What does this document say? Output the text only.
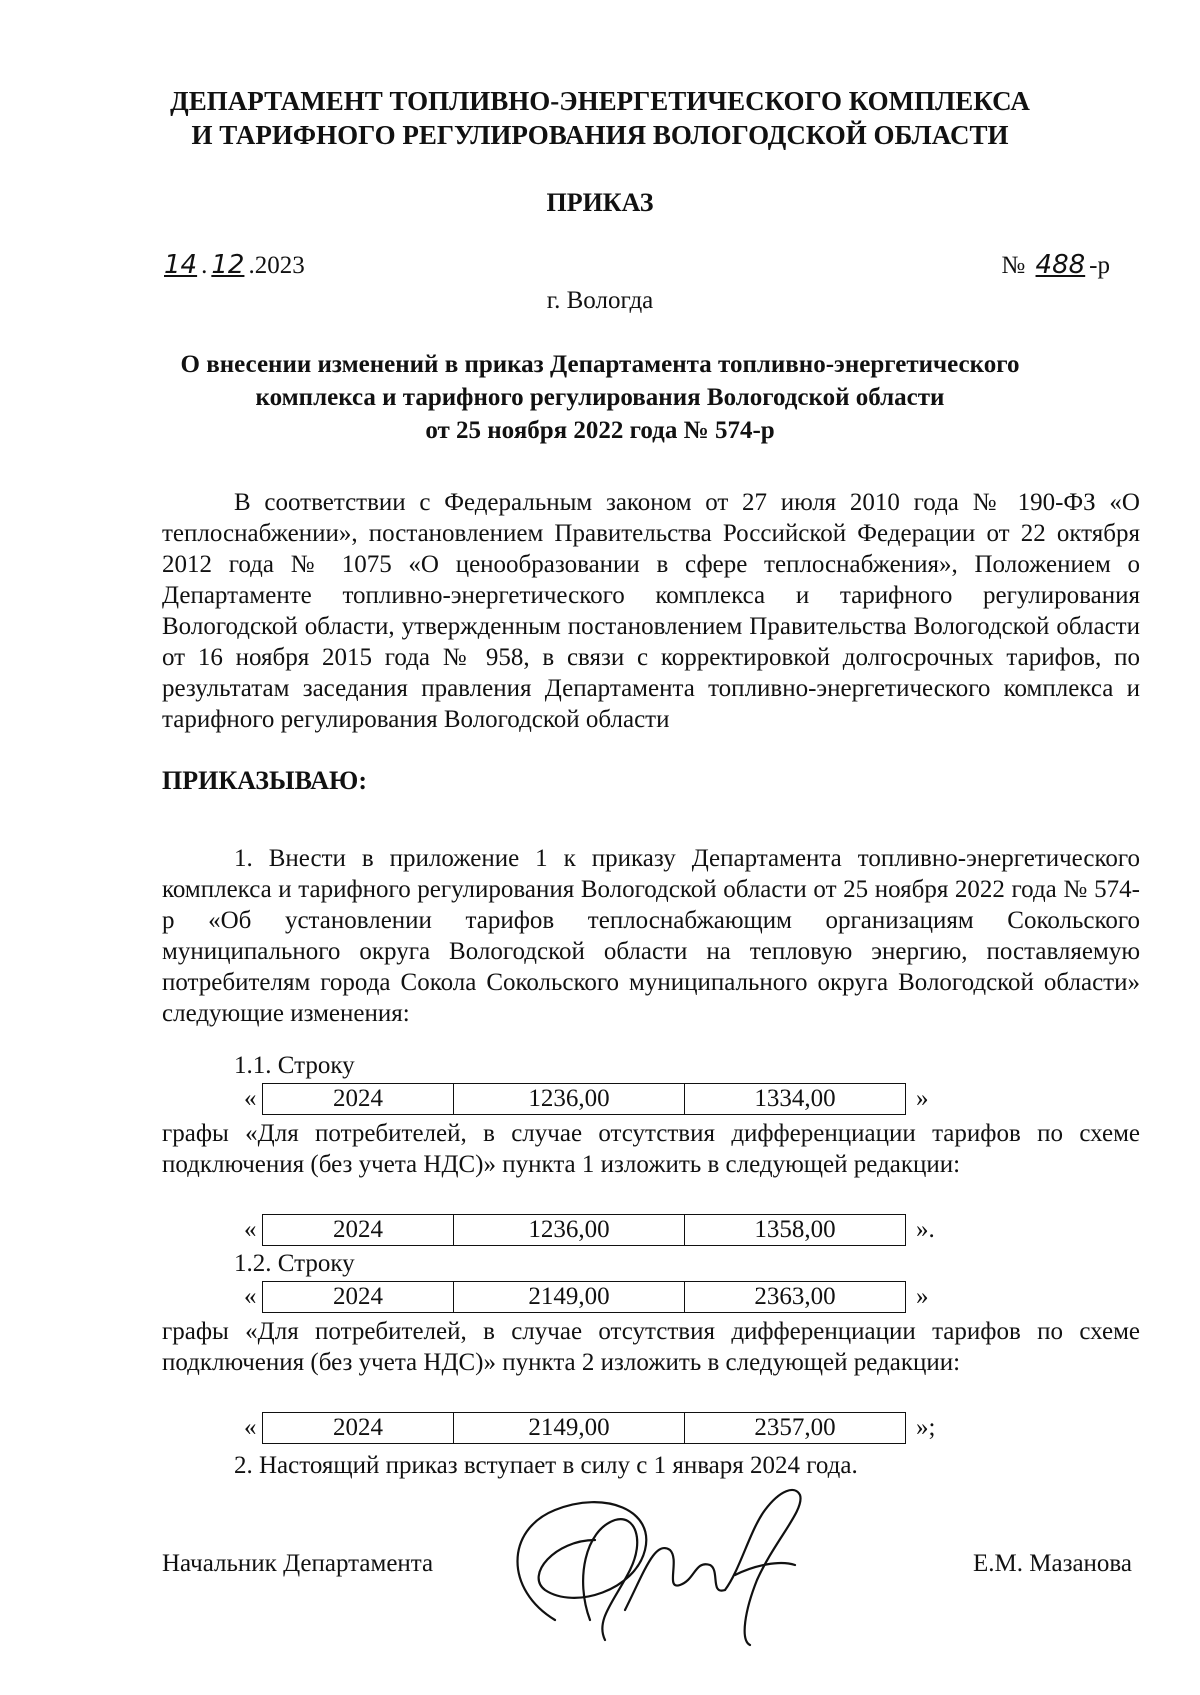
ДЕПАРТАМЕНТ ТОПЛИВНО-ЭНЕРГЕТИЧЕСКОГО КОМПЛЕКСА
И ТАРИФНОГО РЕГУЛИРОВАНИЯ ВОЛОГОДСКОЙ ОБЛАСТИ
ПРИКАЗ
14 . 12 .2023	№ 488 -р
г. Вологда
О внесении изменений в приказ Департамента топливно-энергетического
комплекса и тарифного регулирования Вологодской области
от 25 ноября 2022 года № 574-р
В соответствии с Федеральным законом от 27 июля 2010 года № 190-ФЗ «О теплоснабжении», постановлением Правительства Российской Федерации от 22 октября 2012 года № 1075 «О ценообразовании в сфере теплоснабжения», Положением о Департаменте топливно-энергетического комплекса и тарифного регулирования Вологодской области, утвержденным постановлением Правительства Вологодской области от 16 ноября 2015 года № 958, в связи с корректировкой долгосрочных тарифов, по результатам заседания правления Департамента топливно-энергетического комплекса и тарифного регулирования Вологодской области
ПРИКАЗЫВАЮ:
1. Внести в приложение 1 к приказу Департамента топливно-энергетического комплекса и тарифного регулирования Вологодской области от 25 ноября 2022 года № 574-р «Об установлении тарифов теплоснабжающим организациям Сокольского муниципального округа Вологодской области на тепловую энергию, поставляемую потребителям города Сокола Сокольского муниципального округа Вологодской области» следующие изменения:
1.1. Строку
«	2024	1236,00	1334,00	»
графы «Для потребителей, в случае отсутствия дифференциации тарифов по схеме подключения (без учета НДС)» пункта 1 изложить в следующей редакции:
«	2024	1236,00	1358,00	».
1.2. Строку
«	2024	2149,00	2363,00	»
графы «Для потребителей, в случае отсутствия дифференциации тарифов по схеме подключения (без учета НДС)» пункта 2 изложить в следующей редакции:
«	2024	2149,00	2357,00	»;
2. Настоящий приказ вступает в силу с 1 января 2024 года.
Начальник Департамента	Е.М. Мазанова
